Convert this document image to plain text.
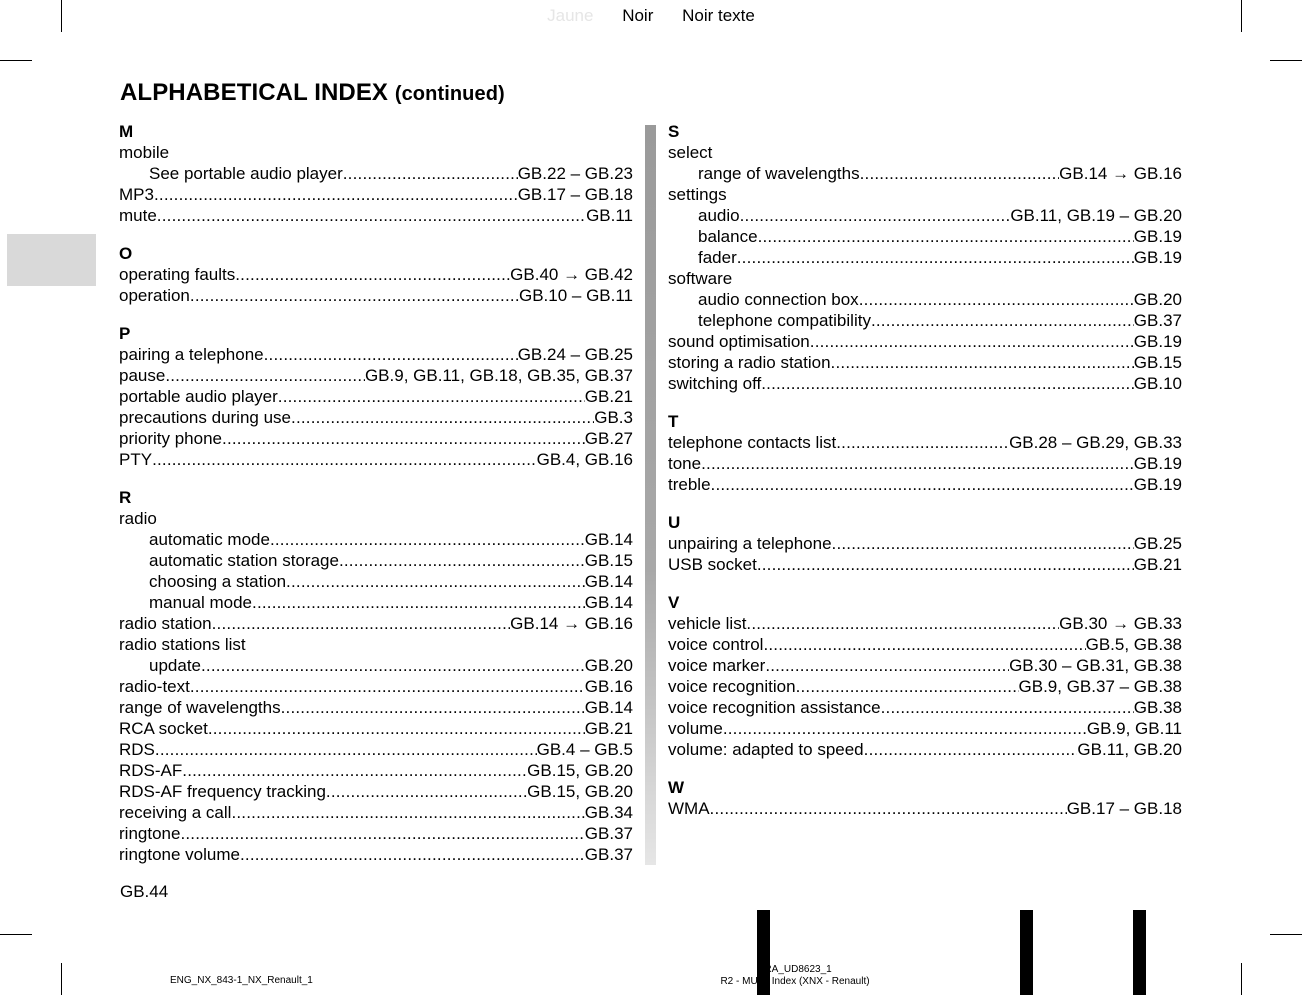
Jaune Noir Noir texte
ALPHABETICAL INDEX (continued)
M
mobile
See portable audio player .....	GB.22 – GB.23
MP3 .....	GB.17 – GB.18
mute .....	GB.11
O
operating faults .....	GB.40 → GB.42
operation .....	GB.10 – GB.11
P
pairing a telephone .....	GB.24 – GB.25
pause .....	GB.9, GB.11, GB.18, GB.35, GB.37
portable audio player .....	GB.21
precautions during use .....	GB.3
priority phone .....	GB.27
PTY .....	GB.4, GB.16
R
radio
automatic mode .....	GB.14
automatic station storage .....	GB.15
choosing a station .....	GB.14
manual mode .....	GB.14
radio station .....	GB.14 → GB.16
radio stations list
update .....	GB.20
radio-text .....	GB.16
range of wavelengths .....	GB.14
RCA socket .....	GB.21
RDS .....	GB.4 – GB.5
RDS-AF .....	GB.15, GB.20
RDS-AF frequency tracking .....	GB.15, GB.20
receiving a call .....	GB.34
ringtone .....	GB.37
ringtone volume .....	GB.37
S
select
range of wavelengths .....	GB.14 → GB.16
settings
audio .....	GB.11, GB.19 – GB.20
balance .....	GB.19
fader .....	GB.19
software
audio connection box .....	GB.20
telephone compatibility .....	GB.37
sound optimisation .....	GB.19
storing a radio station .....	GB.15
switching off .....	GB.10
T
telephone contacts list .....	GB.28 – GB.29, GB.33
tone .....	GB.19
treble .....	GB.19
U
unpairing a telephone .....	GB.25
USB socket .....	GB.21
V
vehicle list .....	GB.30 → GB.33
voice control .....	GB.5, GB.38
voice marker .....	GB.30 – GB.31, GB.38
voice recognition .....	GB.9, GB.37 – GB.38
voice recognition assistance .....	GB.38
volume .....	GB.9, GB.11
volume: adapted to speed .....	GB.11, GB.20
W
WMA .....	GB.17 – GB.18
GB.44
ENG_NX_843-1_NX_Renault_1
FRA_UD8623_1
R2 - MUL - Index (XNX - Renault)
